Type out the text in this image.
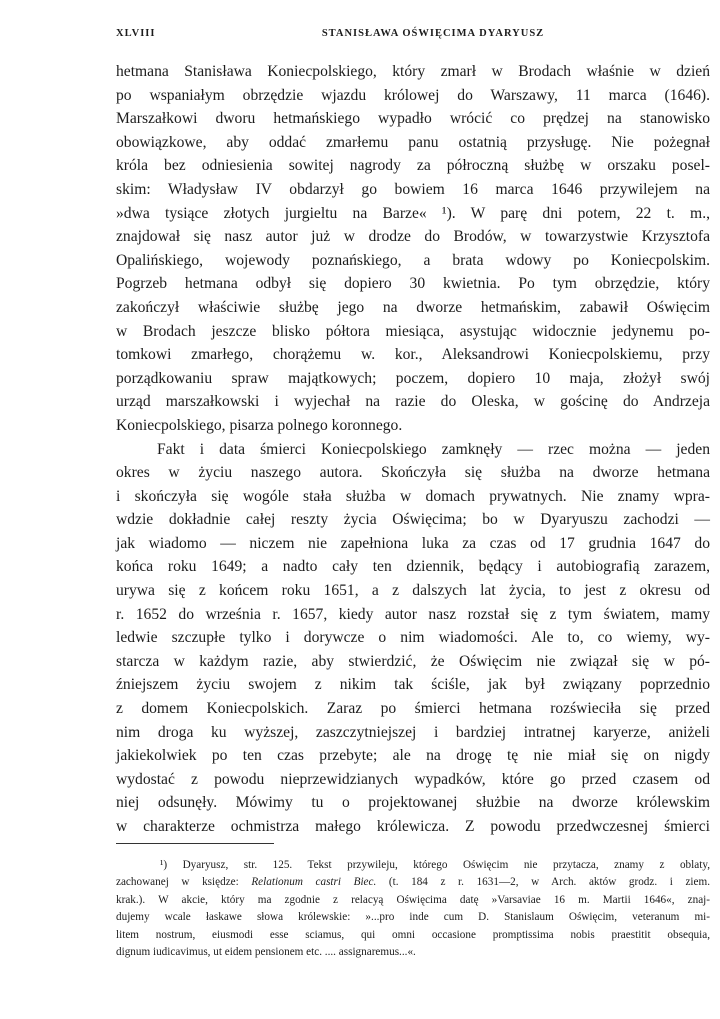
XLVIII	STANISŁAWA OŚWIĘCIMA DYARYUSZ

hetmana Stanisława Koniecpolskiego, który zmarł w Brodach właśnie w dzień

po wspaniałym obrzędzie wjazdu królowej do Warszawy, 11 marca (1646).

Marszałkowi dworu hetmańskiego wypadło wrócić co prędzej na stanowisko

obowiązkowe, aby oddać zmarłemu panu ostatnią przysługę. Nie pożegnał

króla bez odniesienia sowitej nagrody za półroczną służbę w orszaku posel-

skim: Władysław IV obdarzył go bowiem 16 marca 1646 przywilejem na

»dwa tysiące złotych jurgieltu na Barze« ¹). W parę dni potem, 22 t. m.,

znajdował się nasz autor już w drodze do Brodów, w towarzystwie Krzysztofa

Opalińskiego, wojewody poznańskiego, a brata wdowy po Koniecpolskim.

Pogrzeb hetmana odbył się dopiero 30 kwietnia. Po tym obrzędzie, który

zakończył właściwie służbę jego na dworze hetmańskim, zabawił Oświęcim

w Brodach jeszcze blisko półtora miesiąca, asystując widocznie jedynemu po-

tomkowi zmarłego, chorążemu w. kor., Aleksandrowi Koniecpolskiemu, przy

porządkowaniu spraw majątkowych; poczem, dopiero 10 maja, złożył swój

urząd marszałkowski i wyjechał na razie do Oleska, w gościnę do Andrzeja

Koniecpolskiego, pisarza polnego koronnego.

Fakt i data śmierci Koniecpolskiego zamknęły — rzec można — jeden

okres w życiu naszego autora. Skończyła się służba na dworze hetmana

i skończyła się wogóle stała służba w domach prywatnych. Nie znamy wpra-

wdzie dokładnie całej reszty życia Oświęcima; bo w Dyaryuszu zachodzi —

jak wiadomo — niczem nie zapełniona luka za czas od 17 grudnia 1647 do

końca roku 1649; a nadto cały ten dziennik, będący i autobiografią zarazem,

urywa się z końcem roku 1651, a z dalszych lat życia, to jest z okresu od

r. 1652 do września r. 1657, kiedy autor nasz rozstał się z tym światem, mamy

ledwie szczupłe tylko i dorywcze o nim wiadomości. Ale to, co wiemy, wy-

starcza w każdym razie, aby stwierdzić, że Oświęcim nie związał się w pó-

źniejszem życiu swojem z nikim tak ściśle, jak był związany poprzednio

z domem Koniecpolskich. Zaraz po śmierci hetmana rozświeciła się przed

nim droga ku wyższej, zaszczytniejszej i bardziej intratnej karyerze, aniżeli

jakiekolwiek po ten czas przebyte; ale na drogę tę nie miał się on nigdy

wydostać z powodu nieprzewidzianych wypadków, które go przed czasem od

niej odsunęły. Mówimy tu o projektowanej służbie na dworze królewskim

w charakterze ochmistrza małego królewicza. Z powodu przedwczesnej śmierci

¹) Dyaryusz, str. 125. Tekst przywileju, którego Oświęcim nie przytacza, znamy z oblaty,

zachowanej w księdze: Relationum castri Biec. (t. 184 z r. 1631—2, w Arch. aktów grodz. i ziem.

krak.). W akcie, który ma zgodnie z relacyą Oświęcima datę »Varsaviae 16 m. Martii 1646«, znaj-

dujemy wcale łaskawe słowa królewskie: »...pro inde cum D. Stanislaum Oświęcim, veteranum mi-

litem nostrum, eiusmodi esse sciamus, qui omni occasione promptissima nobis praestitit obsequia,

dignum iudicavimus, ut eidem pensionem etc. .... assignaremus...«.
